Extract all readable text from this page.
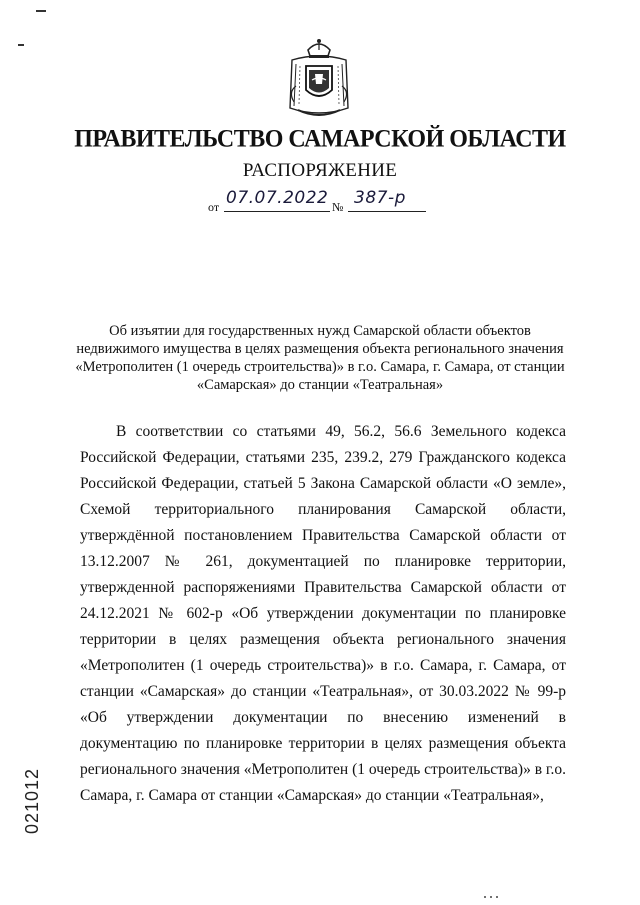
ПРАВИТЕЛЬСТВО САМАРСКОЙ ОБЛАСТИ
РАСПОРЯЖЕНИЕ
от 07.07.2022 № 387-р
Об изъятии для государственных нужд Самарской области объектов недвижимого имущества в целях размещения объекта регионального значения «Метрополитен (1 очередь строительства)» в г.о. Самара, г. Самара, от станции «Самарская» до станции «Театральная»

В соответствии со статьями 49, 56.2, 56.6 Земельного кодекса Российской Федерации, статьями 235, 239.2, 279 Гражданского кодекса Российской Федерации, статьей 5 Закона Самарской области «О земле», Схемой территориального планирования Самарской области, утверждённой постановлением Правительства Самарской области от 13.12.2007 № 261, документацией по планировке территории, утвержденной распоряжениями Правительства Самарской области от 24.12.2021 № 602-р «Об утверждении документации по планировке территории в целях размещения объекта регионального значения «Метрополитен (1 очередь строительства)» в г.о. Самара, г. Самара, от станции «Самарская» до станции «Театральная», от 30.03.2022 № 99-р «Об утверждении документации по внесению изменений в документацию по планировке территории в целях размещения объекта регионального значения «Метрополитен (1 очередь строительства)» в г.о. Самара, г. Самара от станции «Самарская» до станции «Театральная»,

021012
